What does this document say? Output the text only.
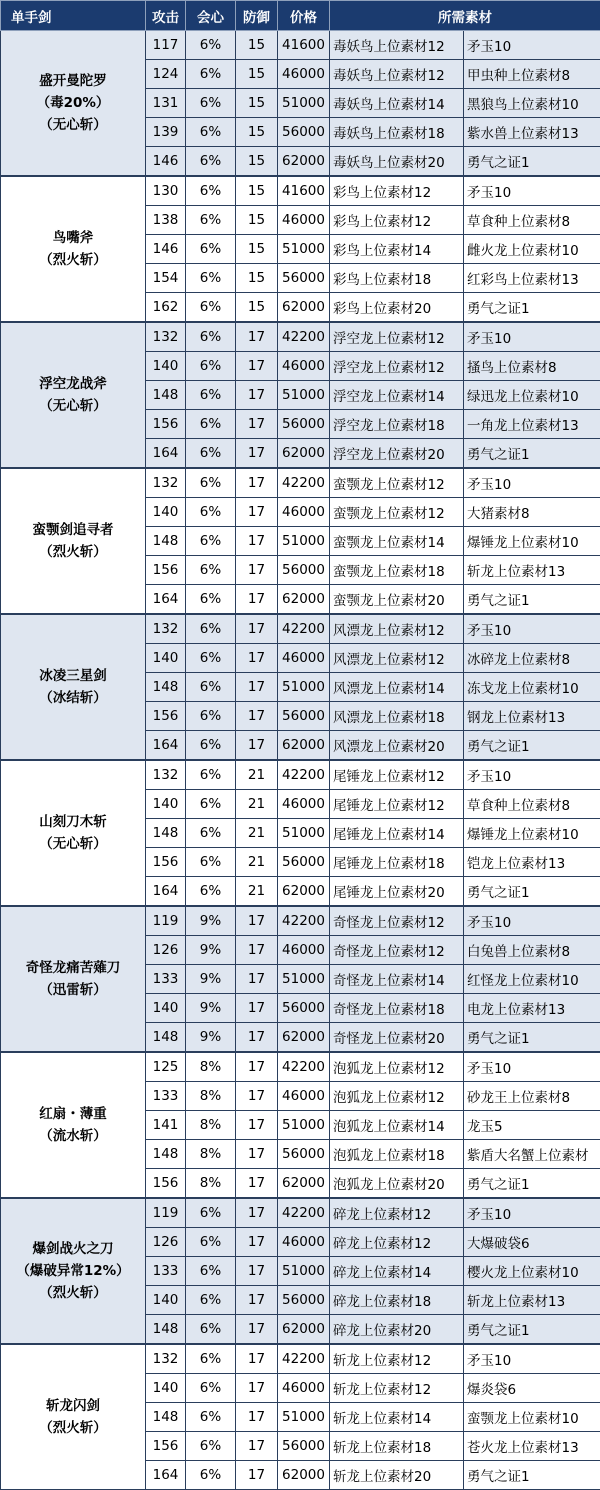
单手剑	攻击	会心	防御	价格	所需素材	

盛开曼陀罗
（毒20%）
（无心斩）	117	6%	15	41600	毒妖鸟上位素材12	矛玉10
	124	6%	15	46000	毒妖鸟上位素材12	甲虫种上位素材8
	131	6%	15	51000	毒妖鸟上位素材14	黑狼鸟上位素材10
	139	6%	15	56000	毒妖鸟上位素材18	紫水兽上位素材13
	146	6%	15	62000	毒妖鸟上位素材20	勇气之证1

鸟嘴斧
（烈火斩）	130	6%	15	41600	彩鸟上位素材12	矛玉10
	138	6%	15	46000	彩鸟上位素材12	草食种上位素材8
	146	6%	15	51000	彩鸟上位素材14	雌火龙上位素材10
	154	6%	15	56000	彩鸟上位素材18	红彩鸟上位素材13
	162	6%	15	62000	彩鸟上位素材20	勇气之证1

浮空龙战斧
（无心斩）	132	6%	17	42200	浮空龙上位素材12	矛玉10
	140	6%	17	46000	浮空龙上位素材12	搔鸟上位素材8
	148	6%	17	51000	浮空龙上位素材14	绿迅龙上位素材10
	156	6%	17	56000	浮空龙上位素材18	一角龙上位素材13
	164	6%	17	62000	浮空龙上位素材20	勇气之证1

蛮颚剑追寻者
（烈火斩）	132	6%	17	42200	蛮颚龙上位素材12	矛玉10
	140	6%	17	46000	蛮颚龙上位素材12	大猪素材8
	148	6%	17	51000	蛮颚龙上位素材14	爆锤龙上位素材10
	156	6%	17	56000	蛮颚龙上位素材18	斩龙上位素材13
	164	6%	17	62000	蛮颚龙上位素材20	勇气之证1

冰凌三星剑
（冰结斩）	132	6%	17	42200	风漂龙上位素材12	矛玉10
	140	6%	17	46000	风漂龙上位素材12	冰碎龙上位素材8
	148	6%	17	51000	风漂龙上位素材14	冻戈龙上位素材10
	156	6%	17	56000	风漂龙上位素材18	钢龙上位素材13
	164	6%	17	62000	风漂龙上位素材20	勇气之证1

山刻刀木斩
（无心斩）	132	6%	21	42200	尾锤龙上位素材12	矛玉10
	140	6%	21	46000	尾锤龙上位素材12	草食种上位素材8
	148	6%	21	51000	尾锤龙上位素材14	爆锤龙上位素材10
	156	6%	21	56000	尾锤龙上位素材18	铠龙上位素材13
	164	6%	21	62000	尾锤龙上位素材20	勇气之证1

奇怪龙痛苦薙刀
（迅雷斩）	119	9%	17	42200	奇怪龙上位素材12	矛玉10
	126	9%	17	46000	奇怪龙上位素材12	白兔兽上位素材8
	133	9%	17	51000	奇怪龙上位素材14	红怪龙上位素材10
	140	9%	17	56000	奇怪龙上位素材18	电龙上位素材13
	148	9%	17	62000	奇怪龙上位素材20	勇气之证1

红扇・薄重
（流水斩）	125	8%	17	42200	泡狐龙上位素材12	矛玉10
	133	8%	17	46000	泡狐龙上位素材12	砂龙王上位素材8
	141	8%	17	51000	泡狐龙上位素材14	龙玉5
	148	8%	17	56000	泡狐龙上位素材18	紫盾大名蟹上位素材
	156	8%	17	62000	泡狐龙上位素材20	勇气之证1

爆剑战火之刀
（爆破异常12%）
（烈火斩）	119	6%	17	42200	碎龙上位素材12	矛玉10
	126	6%	17	46000	碎龙上位素材12	大爆破袋6
	133	6%	17	51000	碎龙上位素材14	樱火龙上位素材10
	140	6%	17	56000	碎龙上位素材18	斩龙上位素材13
	148	6%	17	62000	碎龙上位素材20	勇气之证1

斩龙闪剑
（烈火斩）	132	6%	17	42200	斩龙上位素材12	矛玉10
	140	6%	17	46000	斩龙上位素材12	爆炎袋6
	148	6%	17	51000	斩龙上位素材14	蛮颚龙上位素材10
	156	6%	17	56000	斩龙上位素材18	苍火龙上位素材13
	164	6%	17	62000	斩龙上位素材20	勇气之证1
